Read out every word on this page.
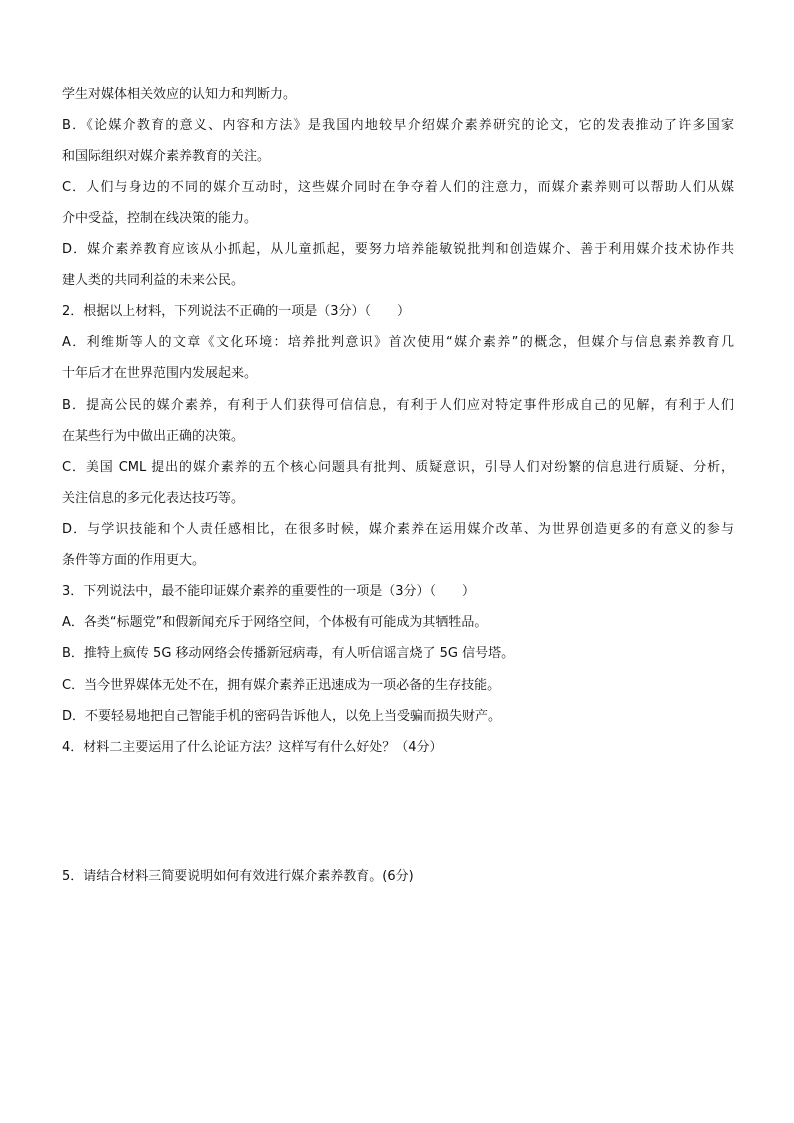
学生对媒体相关效应的认知力和判断力。
B．《论媒介教育的意义、内容和方法》是我国内地较早介绍媒介素养研究的论文，它的发表推动了许多国家
和国际组织对媒介素养教育的关注。
C．人们与身边的不同的媒介互动时，这些媒介同时在争夺着人们的注意力，而媒介素养则可以帮助人们从媒
介中受益，控制在线决策的能力。
D．媒介素养教育应该从小抓起，从儿童抓起，要努力培养能敏锐批判和创造媒介、善于利用媒介技术协作共
建人类的共同利益的未来公民。
2．根据以上材料，下列说法不正确的一项是（3分）（　　）
A．利维斯等人的文章《文化环境：培养批判意识》首次使用“媒介素养”的概念，但媒介与信息素养教育几
十年后才在世界范围内发展起来。
B．提高公民的媒介素养，有利于人们获得可信信息，有利于人们应对特定事件形成自己的见解，有利于人们
在某些行为中做出正确的决策。
C．美国 CML 提出的媒介素养的五个核心问题具有批判、质疑意识，引导人们对纷繁的信息进行质疑、分析，
关注信息的多元化表达技巧等。
D．与学识技能和个人责任感相比，在很多时候，媒介素养在运用媒介改革、为世界创造更多的有意义的参与
条件等方面的作用更大。
3．下列说法中，最不能印证媒介素养的重要性的一项是（3分）（　　）
A．各类“标题党”和假新闻充斥于网络空间，个体极有可能成为其牺牲品。
B．推特上疯传 5G 移动网络会传播新冠病毒，有人听信谣言烧了 5G 信号塔。
C．当今世界媒体无处不在，拥有媒介素养正迅速成为一项必备的生存技能。
D．不要轻易地把自己智能手机的密码告诉他人，以免上当受骗而损失财产。
4．材料二主要运用了什么论证方法？这样写有什么好处？（4分）
5．请结合材料三简要说明如何有效进行媒介素养教育。(6分)
